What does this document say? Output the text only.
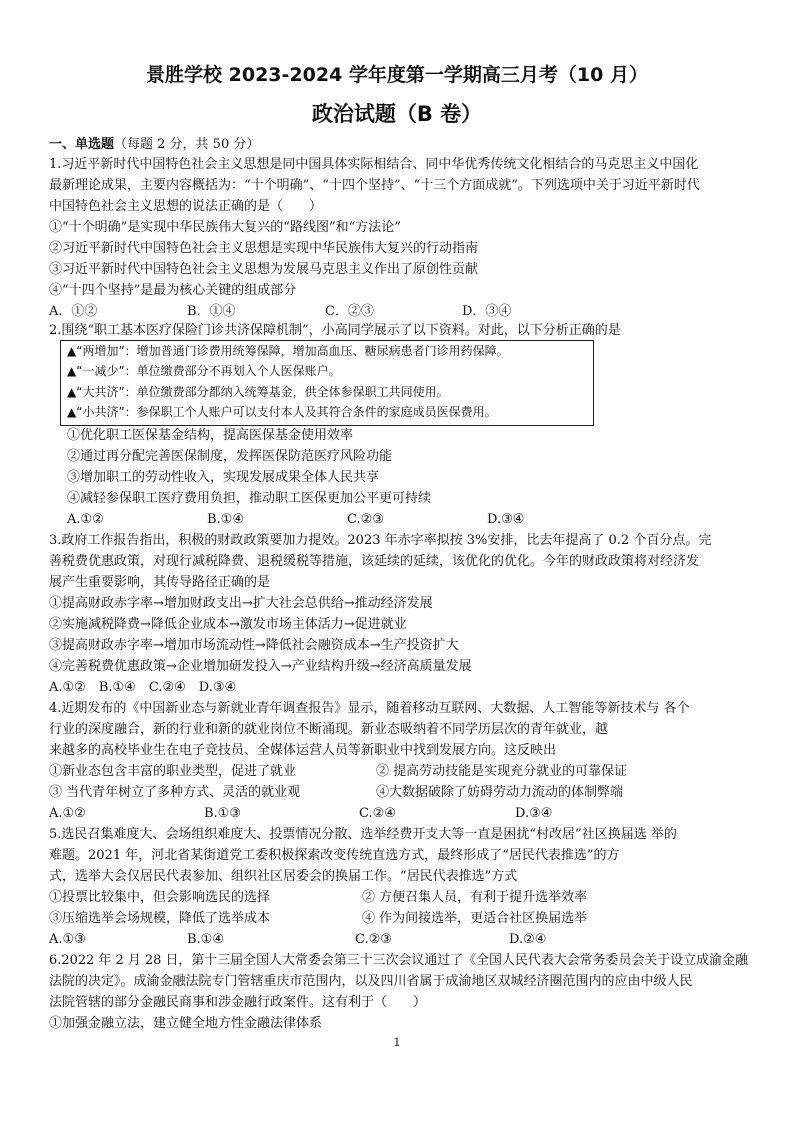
景胜学校 2023-2024 学年度第一学期高三月考（10 月）
政治试题（B 卷）
一、单选题（每题 2 分，共 50 分）
1.习近平新时代中国特色社会主义思想是同中国具体实际相结合、同中华优秀传统文化相结合的马克思主义中国化
最新理论成果，主要内容概括为：“十个明确”、“十四个坚持”、“十三个方面成就”。下列选项中关于习近平新时代
中国特色社会主义思想的说法正确的是（　　）
①“十个明确”是实现中华民族伟大复兴的“路线图”和“方法论”
②习近平新时代中国特色社会主义思想是实现中华民族伟大复兴的行动指南
③习近平新时代中国特色社会主义思想为发展马克思主义作出了原创性贡献
④“十四个坚持”是最为核心关键的组成部分
A．①②	B．①④	C．②③	D．③④
2.围绕“职工基本医疗保险门诊共济保障机制”，小高同学展示了以下资料。对此，以下分析正确的是
▲“两增加”：增加普通门诊费用统筹保障，增加高血压、糖尿病患者门诊用药保障。
▲“一减少”：单位缴费部分不再划入个人医保账户。
▲“大共济”：单位缴费部分都纳入统筹基金，供全体参保职工共同使用。
▲“小共济”：参保职工个人账户可以支付本人及其符合条件的家庭成员医保费用。
①优化职工医保基金结构，提高医保基金使用效率
②通过再分配完善医保制度，发挥医保防范医疗风险功能
③增加职工的劳动性收入，实现发展成果全体人民共享
④减轻参保职工医疗费用负担，推动职工医保更加公平更可持续
A.①②	B.①④	C.②③	D.③④
3.政府工作报告指出，积极的财政政策要加力提效。2023 年赤字率拟按 3%安排，比去年提高了 0.2 个百分点。完
善税费优惠政策，对现行减税降费、退税缓税等措施，该延续的延续，该优化的优化。今年的财政政策将对经济发
展产生重要影响，其传导路径正确的是
①提高财政赤字率→增加财政支出→扩大社会总供给→推动经济发展
②实施减税降费→降低企业成本→激发市场主体活力→促进就业
③提高财政赤字率→增加市场流动性→降低社会融资成本→生产投资扩大
④完善税费优惠政策→企业增加研发投入→产业结构升级→经济高质量发展
A.①②　B.①④　C.②④　D.③④
4.近期发布的《中国新业态与新就业青年调查报告》显示，随着移动互联网、大数据、人工智能等新技术与 各个
行业的深度融合，新的行业和新的就业岗位不断涌现。新业态吸纳着不同学历层次的青年就业，越
来越多的高校毕业生在电子竞技员、全媒体运营人员等新职业中找到发展方向。这反映出
①新业态包含丰富的职业类型，促进了就业	② 提高劳动技能是实现充分就业的可靠保证
③ 当代青年树立了多种方式、灵活的就业观	④大数据破除了妨碍劳动力流动的体制弊端
A.①②	B.①③	C.②④	D.③④
5.选民召集难度大、会场组织难度大、投票情况分散、选举经费开支大等一直是困扰“村改居”社区换届选 举的
难题。2021 年，河北省某街道党工委积极探索改变传统直选方式，最终形成了“居民代表推选”的方
式，选举大会仅居民代表参加、组织社区居委会的换届工作。“居民代表推选”方式
①投票比较集中，但会影响选民的选择	② 方便召集人员，有利于提升选举效率
③压缩选举会场规模，降低了选举成本	④ 作为间接选举，更适合社区换届选举
A.①③	B.①④	C.②③	D.②④
6.2022 年 2 月 28 日，第十三届全国人大常委会第三十三次会议通过了《全国人民代表大会常务委员会关于设立成渝金融
法院的决定》。成渝金融法院专门管辖重庆市范围内，以及四川省属于成渝地区双城经济圈范围内的应由中级人民
法院管辖的部分金融民商事和涉金融行政案件。这有利于（　　）
①加强金融立法，建立健全地方性金融法律体系
1
